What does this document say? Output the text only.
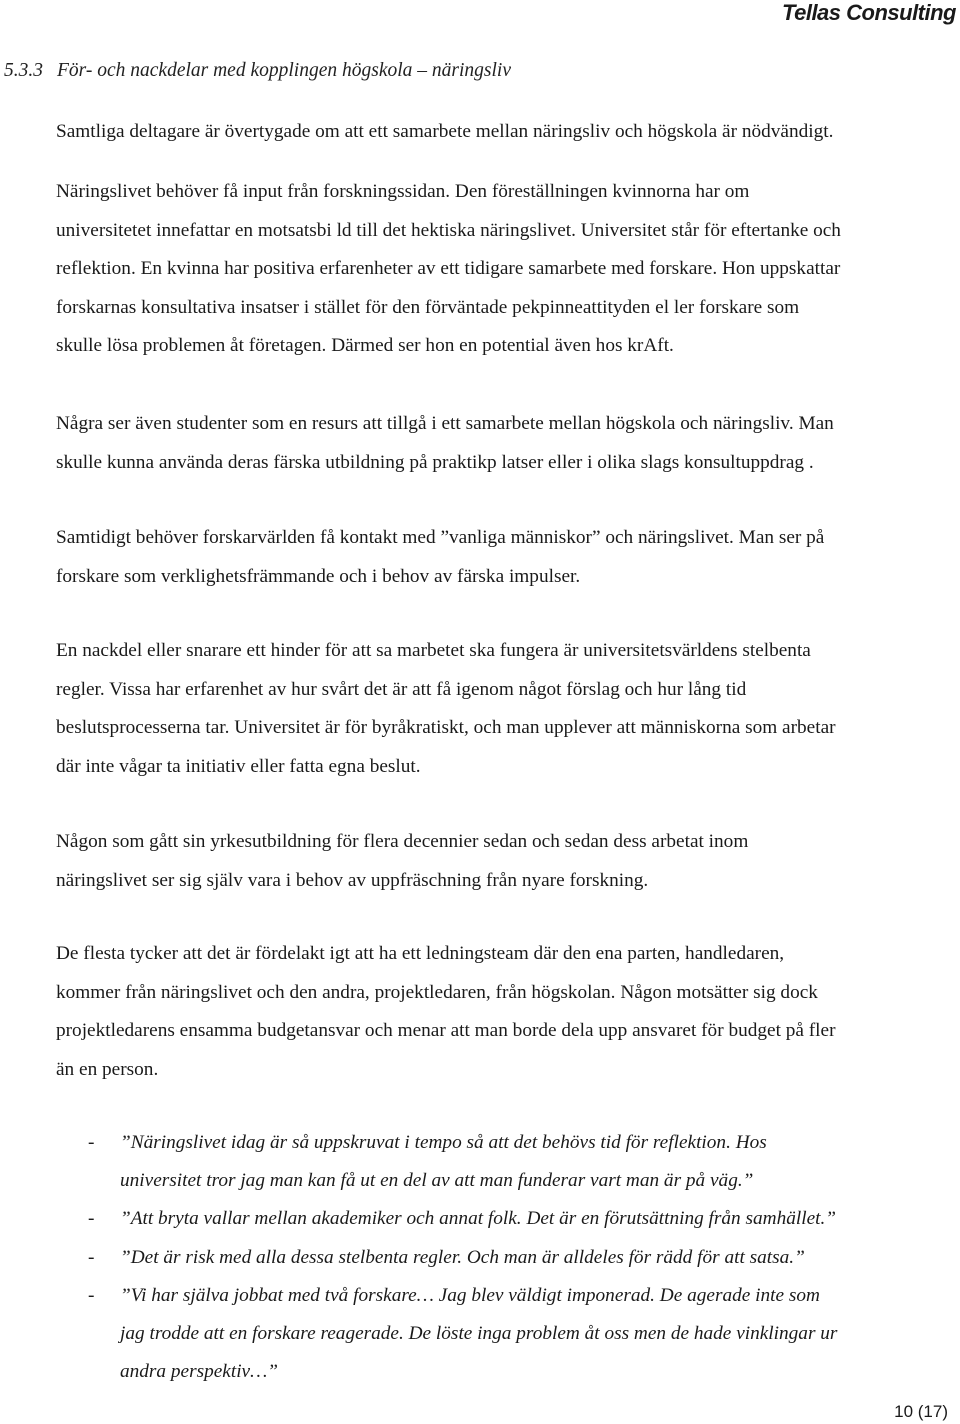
Tellas Consulting
5.3.3 För- och nackdelar med kopplingen högskola – näringsliv
Samtliga deltagare är övertygade om att ett samarbete mellan näringsliv och högskola är nödvändigt.
Näringslivet behöver få input från forskningssidan. Den föreställningen kvinnorna har om
universitetet innefattar en motsatsbi ld till det hektiska näringslivet. Universitet står för eftertanke och
reflektion. En kvinna har positiva erfarenheter av ett tidigare samarbete med forskare. Hon uppskattar
forskarnas konsultativa insatser i stället för den förväntade pekpinneattityden el ler forskare som
skulle lösa problemen åt företagen. Därmed ser hon en potential även hos krAft.
Några ser även studenter som en resurs att tillgå i ett samarbete mellan högskola och näringsliv. Man
skulle kunna använda deras färska utbildning på praktikp latser eller i olika slags konsultuppdrag .
Samtidigt behöver forskarvärlden få kontakt med ”vanliga människor” och näringslivet. Man ser på
forskare som verklighetsfrämmande och i behov av färska impulser.
En nackdel eller snarare ett hinder för att sa marbetet ska fungera är universitetsvärldens stelbenta
regler. Vissa har erfarenhet av hur svårt det är att få igenom något förslag och hur lång tid
beslutsprocesserna tar. Universitet är för byråkratiskt, och man upplever att människorna som arbetar
där inte vågar ta initiativ eller fatta egna beslut.
Någon som gått sin yrkesutbildning för flera decennier sedan och sedan dess arbetat inom
näringslivet ser sig själv vara i behov av uppfräschning från nyare forskning.
De flesta tycker att det är fördelakt igt att ha ett ledningsteam där den ena parten, handledaren,
kommer från näringslivet och den andra, projektledaren, från högskolan. Någon motsätter sig dock
projektledarens ensamma budgetansvar och menar att man borde dela upp ansvaret för budget på fler
än en person.
-	”Näringslivet idag är så uppskruvat i tempo så att det behövs tid för reflektion. Hos
universitet tror jag man kan få ut en del av att man funderar vart man är på väg.”
-	”Att bryta vallar mellan akademiker och annat folk. Det är en förutsättning från samhället.”
-	”Det är risk med alla dessa stelbenta regler. Och man är alldeles för rädd för att satsa.”
-	”Vi har själva jobbat med två forskare… Jag blev väldigt imponerad. De agerade inte som
jag trodde att en forskare reagerade. De löste inga problem åt oss men de hade vinklingar ur
andra perspektiv…”
10 (17)
